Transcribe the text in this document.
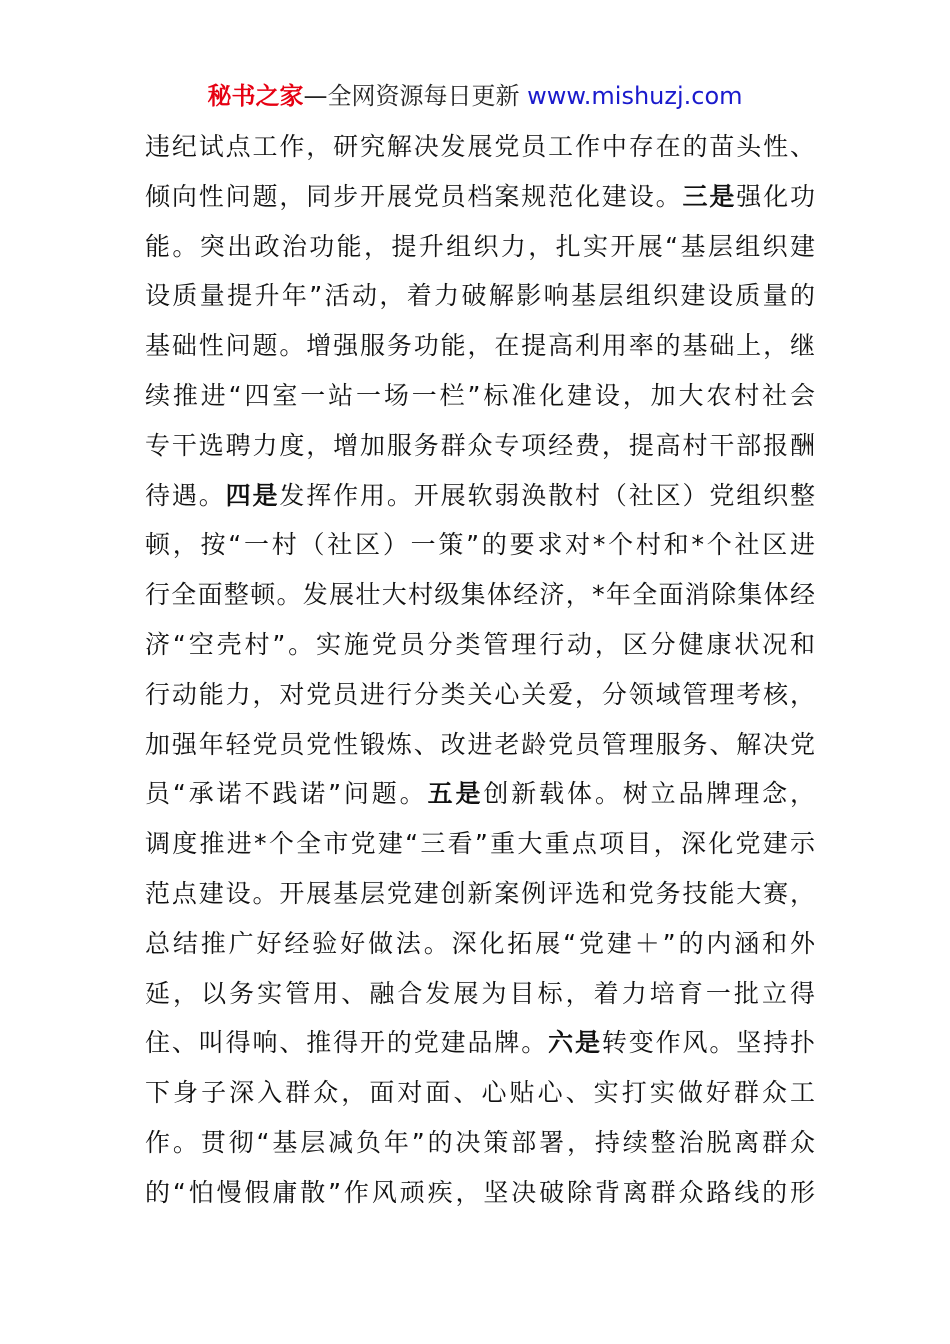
秘书之家—全网资源每日更新 www.mishuzj.com
违纪试点工作，研究解决发展党员工作中存在的苗头性、
倾向性问题，同步开展党员档案规范化建设。三是强化功
能。突出政治功能，提升组织力，扎实开展“基层组织建
设质量提升年”活动，着力破解影响基层组织建设质量的
基础性问题。增强服务功能，在提高利用率的基础上，继
续推进“四室一站一场一栏”标准化建设，加大农村社会
专干选聘力度，增加服务群众专项经费，提高村干部报酬
待遇。四是发挥作用。开展软弱涣散村（社区）党组织整
顿，按“一村（社区）一策”的要求对*个村和*个社区进
行全面整顿。发展壮大村级集体经济，*年全面消除集体经
济“空壳村”。实施党员分类管理行动，区分健康状况和
行动能力，对党员进行分类关心关爱，分领域管理考核，
加强年轻党员党性锻炼、改进老龄党员管理服务、解决党
员“承诺不践诺”问题。五是创新载体。树立品牌理念，
调度推进*个全市党建“三看”重大重点项目，深化党建示
范点建设。开展基层党建创新案例评选和党务技能大赛，
总结推广好经验好做法。深化拓展“党建＋”的内涵和外
延，以务实管用、融合发展为目标，着力培育一批立得
住、叫得响、推得开的党建品牌。六是转变作风。坚持扑
下身子深入群众，面对面、心贴心、实打实做好群众工
作。贯彻“基层减负年”的决策部署，持续整治脱离群众
的“怕慢假庸散”作风顽疾，坚决破除背离群众路线的形
